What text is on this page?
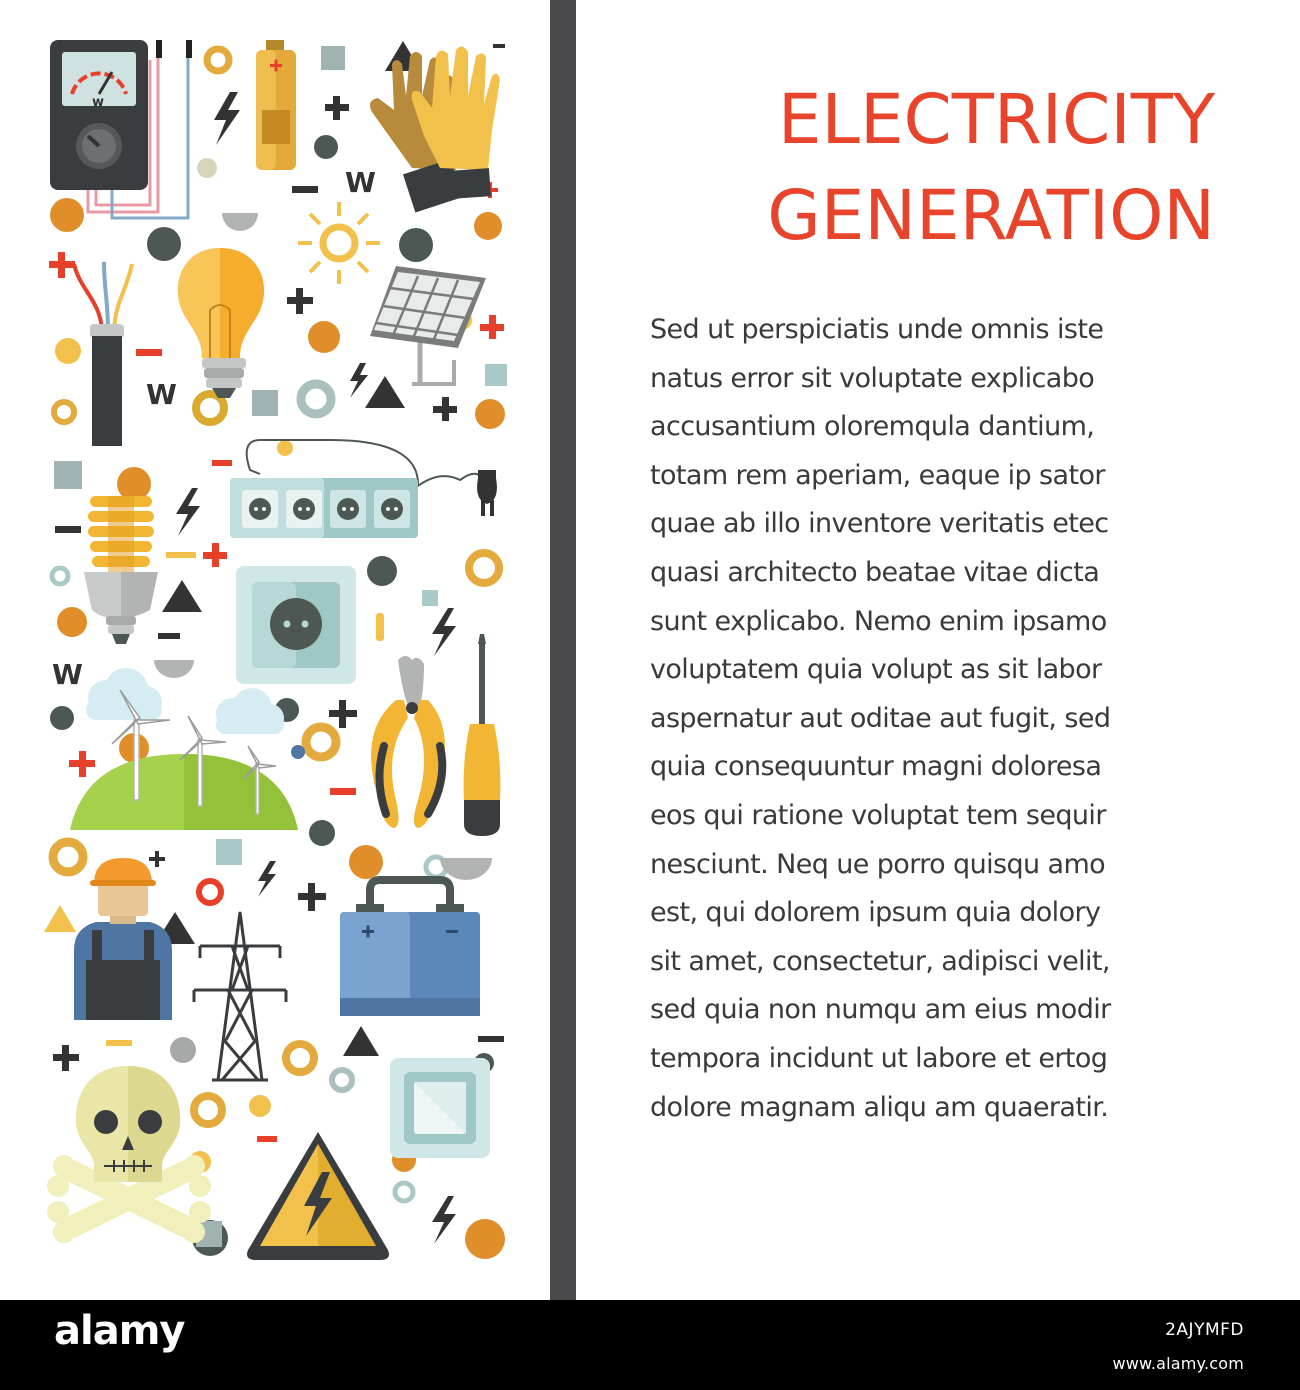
W
W
W
w
W
ELECTRICITY
GENERATION

Sed ut perspiciatis unde omnis iste
natus error sit voluptate explicabo
accusantium oloremqula dantium,
totam rem aperiam, eaque ip sator
quae ab illo inventore veritatis etec
quasi architecto beatae vitae dicta
sunt explicabo. Nemo enim ipsamo
voluptatem quia volupt as sit labor
aspernatur aut oditae aut fugit, sed
quia consequuntur magni doloresa
eos qui ratione voluptat tem sequir
nesciunt. Neq ue porro quisqu amo
est, qui dolorem ipsum quia dolory
sit amet, consectetur, adipisci velit,
sed quia non numqu am eius modir
tempora incidunt ut labore et ertog
dolore magnam aliqu am quaeratir.

alamy	2AJYMFD
www.alamy.com
